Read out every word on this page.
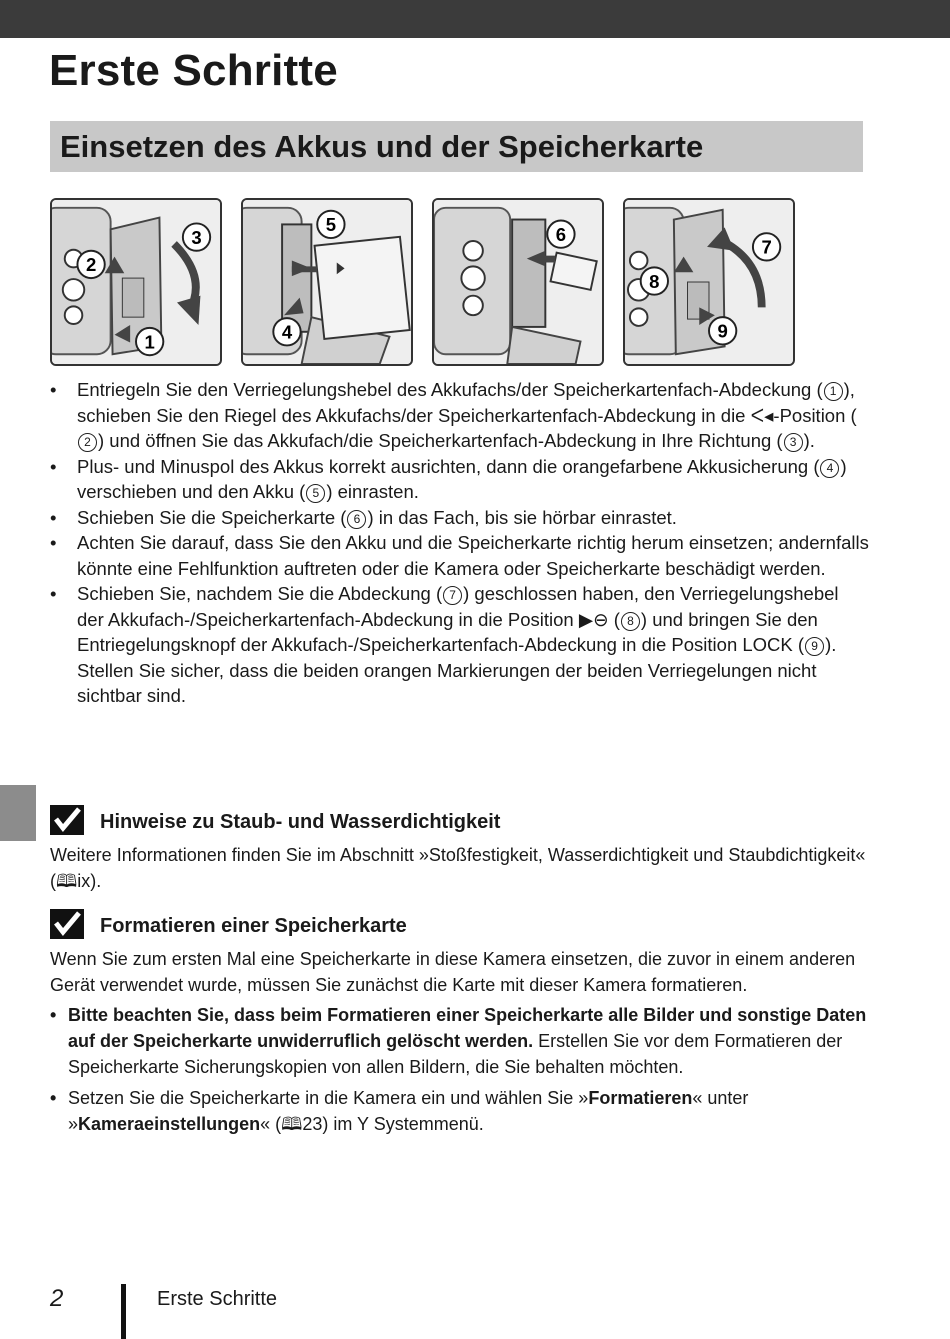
Erste Schritte
Einsetzen des Akkus und der Speicherkarte
3
2
1
5
4
6
7
8
9
• Entriegeln Sie den Verriegelungshebel des Akkufachs/der Speicherkartenfach-Abdeckung ( 1 ), schieben Sie den Riegel des Akkufachs/der Speicherkartenfach-Abdeckung in die ᐸ◂-Position (2 ) und öffnen Sie das Akkufach/die Speicherkartenfach-Abdeckung in Ihre Richtung ( 3 ).
• Plus- und Minuspol des Akkus korrekt ausrichten, dann die orangefarbene Akkusicherung ( 4 ) verschieben und den Akku ( 5 ) einrasten.
• Schieben Sie die Speicherkarte ( 6 ) in das Fach, bis sie hörbar einrastet.
• Achten Sie darauf, dass Sie den Akku und die Speicherkarte richtig herum einsetzen; andernfalls könnte eine Fehlfunktion auftreten oder die Kamera oder Speicherkarte beschädigt werden.
• Schieben Sie, nachdem Sie die Abdeckung ( 7 ) geschlossen haben, den Verriegelungshebel der Akkufach-/Speicherkartenfach-Abdeckung in die Position ▶⊖ ( 8 ) und bringen Sie den Entriegelungsknopf der Akkufach-/Speicherkartenfach-Abdeckung in die Position LOCK ( 9 ). Stellen Sie sicher, dass die beiden orangen Markierungen der beiden Verriegelungen nicht sichtbar sind.
Hinweise zu Staub- und Wasserdichtigkeit

Weitere Informationen finden Sie im Abschnitt »Stoßfestigkeit, Wasserdichtigkeit und Staubdichtigkeit« (🕮ix).

Formatieren einer Speicherkarte

Wenn Sie zum ersten Mal eine Speicherkarte in diese Kamera einsetzen, die zuvor in einem anderen Gerät verwendet wurde, müssen Sie zunächst die Karte mit dieser Kamera formatieren.

• Bitte beachten Sie, dass beim Formatieren einer Speicherkarte alle Bilder und sonstige Daten auf der Speicherkarte unwiderruflich gelöscht werden. Erstellen Sie vor dem Formatieren der Speicherkarte Sicherungskopien von allen Bildern, die Sie behalten möchten.
• Setzen Sie die Speicherkarte in die Kamera ein und wählen Sie »Formatieren« unter »Kameraeinstellungen« (🕮23) im Y Systemmenü.
2	Erste Schritte
